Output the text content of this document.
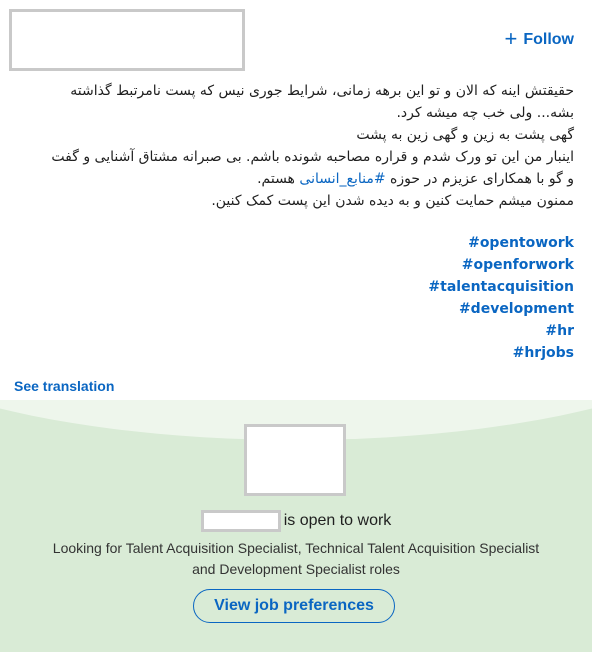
+ Follow
حقیقتش اینه که الان و تو این برهه زمانی، شرایط جوری نیس که پست نامرتبط گذاشته
بشه... ولی خب چه میشه کرد.
گهی پشت به زین و گهی زین به پشت
اینبار من این تو ورک شدم و قراره مصاحبه شونده باشم. بی صبرانه مشتاق آشنایی و گفت
و گو با همکارای عزیزم در حوزه #منابع_انسانی هستم.
ممنون میشم حمایت کنین و به دیده شدن این پست کمک کنین.
opentowork#
openforwork#
talentacquisition#
development#
hr#
hrjobs#
See translation
is open to work
Looking for Talent Acquisition Specialist, Technical Talent Acquisition Specialist
and Development Specialist roles
View job preferences
